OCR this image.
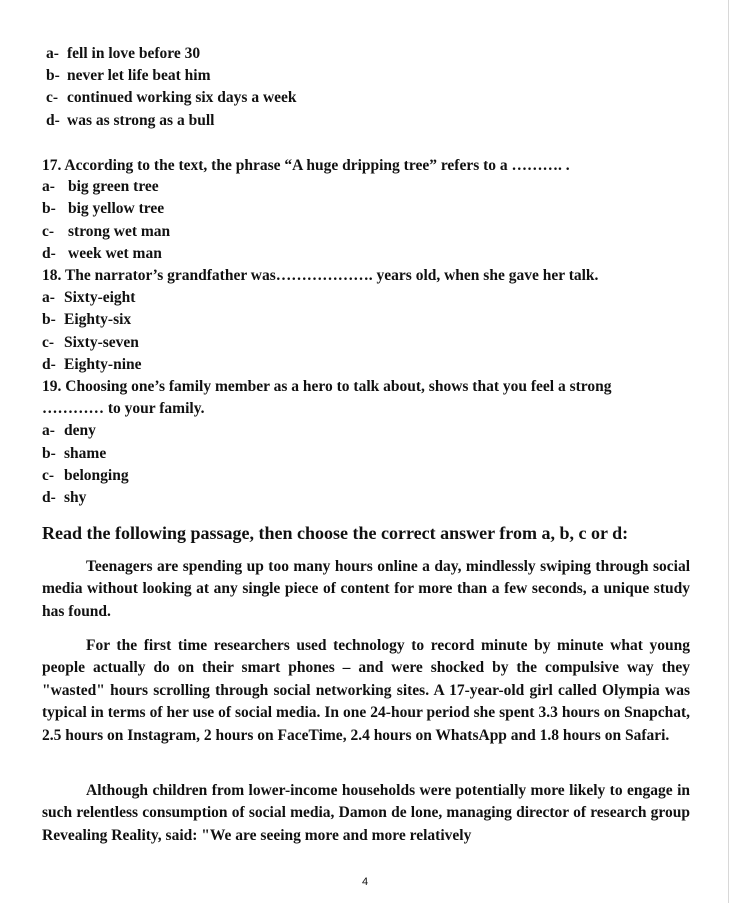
a- fell in love before 30
b- never let life beat him
c- continued working six days a week
d- was as strong as a bull
17. According to the text, the phrase “A huge dripping tree” refers to a ………. .
a- big green tree
b- big yellow tree
c- strong wet man
d- week wet man
18. The narrator’s grandfather was………………. years old, when she gave her talk.
a- Sixty-eight
b- Eighty-six
c- Sixty-seven
d- Eighty-nine
19. Choosing one’s family member as a hero to talk about, shows that you feel a strong
………… to your family.
a- deny
b- shame
c- belonging
d- shy
Read the following passage, then choose the correct answer from a, b, c or d:

Teenagers are spending up too many hours online a day, mindlessly swiping through social media without looking at any single piece of content for more than a few seconds, a unique study has found.

For the first time researchers used technology to record minute by minute what young people actually do on their smart phones – and were shocked by the compulsive way they "wasted" hours scrolling through social networking sites. A 17-year-old girl called Olympia was typical in terms of her use of social media. In one 24-hour period she spent 3.3 hours on Snapchat, 2.5 hours on Instagram, 2 hours on FaceTime, 2.4 hours on WhatsApp and 1.8 hours on Safari.

Although children from lower-income households were potentially more likely to engage in such relentless consumption of social media, Damon de lone, managing director of research group Revealing Reality, said: "We are seeing more and more relatively

4
